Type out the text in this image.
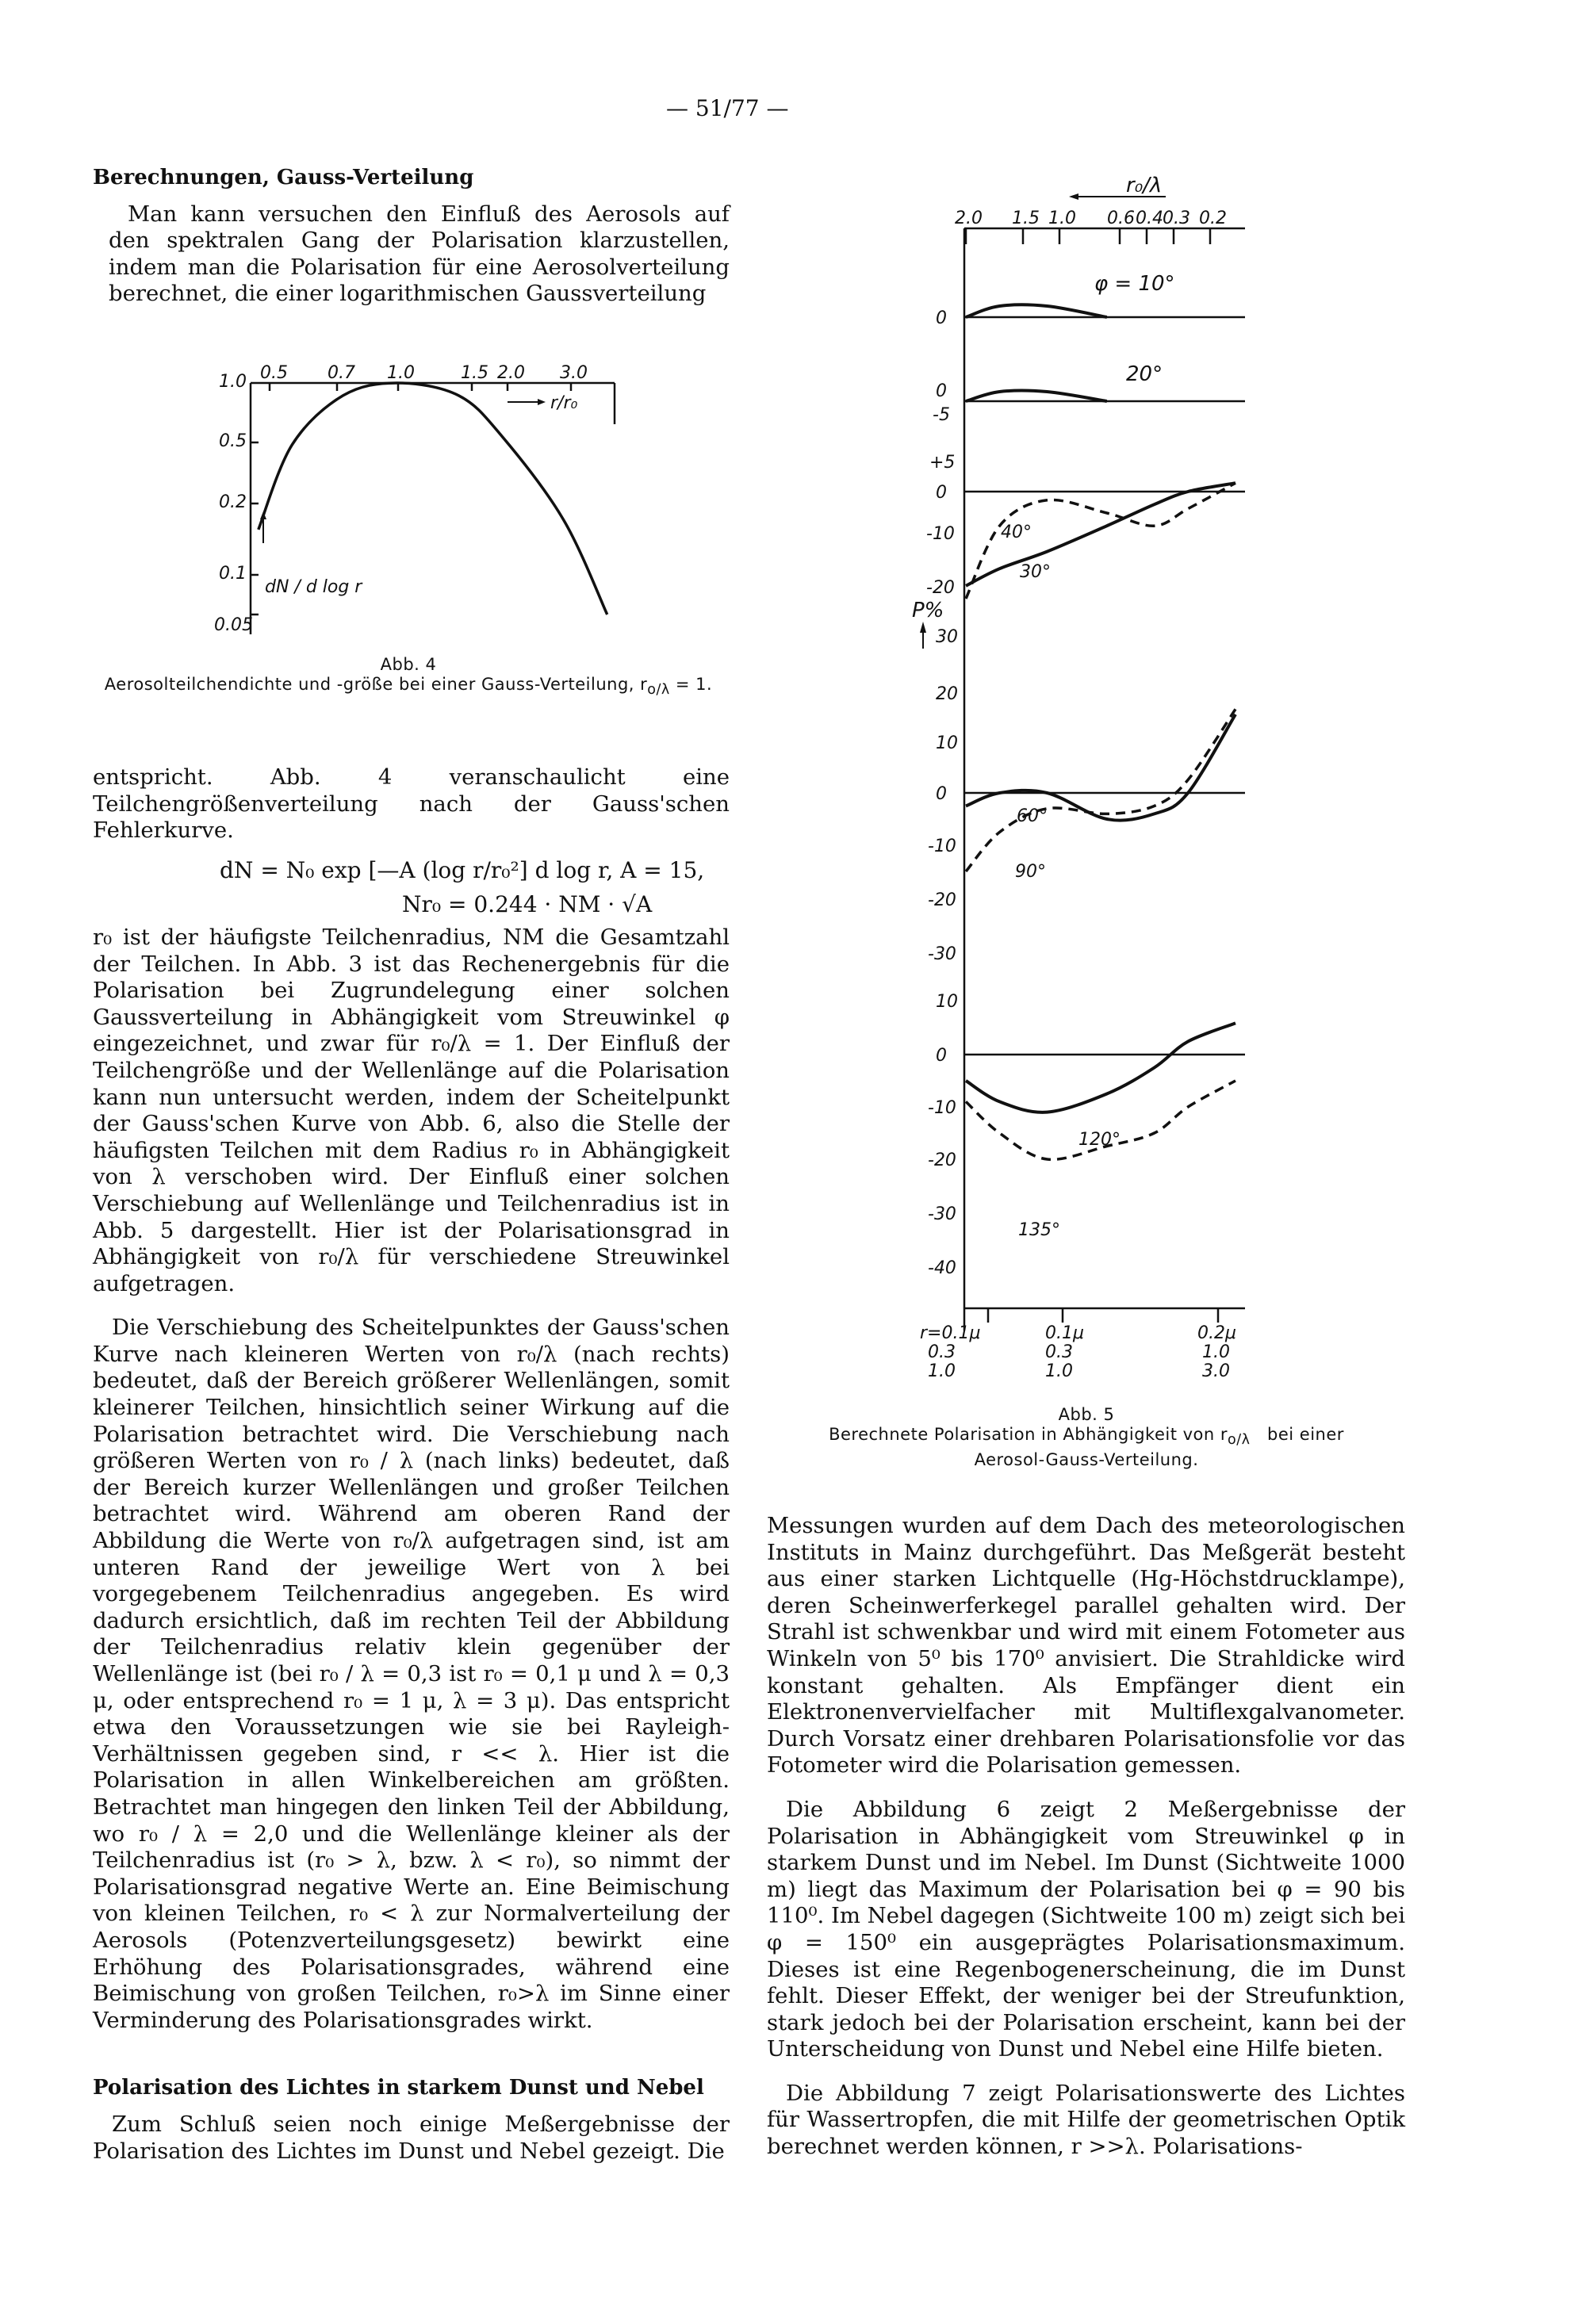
— 51/77 —

Berechnungen, Gauss-Verteilung

Man kann versuchen den Einfluß des Aerosols auf den spektralen Gang der Polarisation klarzustellen, indem man die Polarisation für eine Aerosolverteilung berechnet, die einer logarithmischen Gaussverteilung

1.0
0.5
0.2
0.1
0.05
0.5 0.7 1.0	1.5 2.0 3.0
r/r₀
dN / d log r
Abb. 4
Aerosolteilchendichte und -größe bei einer Gauss-Verteilung, $r_{o/\lambda} = 1$.

entspricht. Abb. 4 veranschaulicht eine Teilchengrößenverteilung nach der Gauss'schen Fehlerkurve.

dN = N₀ exp [—A (log r/r₀²] d log r, A = 15,

Nr₀ = 0.244 · NM · √A

r₀ ist der häufigste Teilchenradius, NM die Gesamtzahl der Teilchen. In Abb. 3 ist das Rechenergebnis für die Polarisation bei Zugrundelegung einer solchen Gaussverteilung in Abhängigkeit vom Streuwinkel φ eingezeichnet, und zwar für r₀/λ = 1. Der Einfluß der Teilchengröße und der Wellenlänge auf die Polarisation kann nun untersucht werden, indem der Scheitelpunkt der Gauss'schen Kurve von Abb. 6, also die Stelle der häufigsten Teilchen mit dem Radius r₀ in Abhängigkeit von λ verschoben wird. Der Einfluß einer solchen Verschiebung auf Wellenlänge und Teilchenradius ist in Abb. 5 dargestellt. Hier ist der Polarisationsgrad in Abhängigkeit von r₀/λ für verschiedene Streuwinkel aufgetragen.

Die Verschiebung des Scheitelpunktes der Gauss'schen Kurve nach kleineren Werten von r₀/λ (nach rechts) bedeutet, daß der Bereich größerer Wellenlängen, somit kleinerer Teilchen, hinsichtlich seiner Wirkung auf die Polarisation betrachtet wird. Die Verschiebung nach größeren Werten von r₀ / λ (nach links) bedeutet, daß der Bereich kurzer Wellenlängen und großer Teilchen betrachtet wird. Während am oberen Rand der Abbildung die Werte von r₀/λ aufgetragen sind, ist am unteren Rand der jeweilige Wert von λ bei vorgegebenem Teilchenradius angegeben. Es wird dadurch ersichtlich, daß im rechten Teil der Abbildung der Teilchenradius relativ klein gegenüber der Wellenlänge ist (bei r₀ / λ = 0,3 ist r₀ = 0,1 μ und λ = 0,3 μ, oder entsprechend r₀ = 1 μ, λ = 3 μ). Das entspricht etwa den Voraussetzungen wie sie bei Rayleigh-Verhältnissen gegeben sind, r << λ. Hier ist die Polarisation in allen Winkelbereichen am größten. Betrachtet man hingegen den linken Teil der Abbildung, wo r₀ / λ = 2,0 und die Wellenlänge kleiner als der Teilchenradius ist (r₀ > λ, bzw. λ < r₀), so nimmt der Polarisationsgrad negative Werte an. Eine Beimischung von kleinen Teilchen, r₀ < λ zur Normalverteilung der Aerosols (Potenzverteilungsgesetz) bewirkt eine Erhöhung des Polarisationsgrades, während eine Beimischung von großen Teilchen, r₀>λ im Sinne einer Verminderung des Polarisationsgrades wirkt.

Polarisation des Lichtes in starkem Dunst und Nebel

Zum Schluß seien noch einige Meßergebnisse der Polarisation des Lichtes im Dunst und Nebel gezeigt. Die

r₀/λ
2.0 1.5 1.0 0.6 0.4 0.3 0.2
φ = 10°
20°
40°
30°
60°
90°
120°
135°
0
0
-5
+5
0
-10
-20
P%
30
20
10
0
-10
-20
-30
10
0
-10
-20
-30
-40
r=0.1μ
0.3
1.0
0.1μ
0.3
1.0
0.2μ
1.0
3.0
Abb. 5
Berechnete Polarisation in Abhängigkeit von $r_{o/\lambda}$ bei einer
Aerosol-Gauss-Verteilung.

Messungen wurden auf dem Dach des meteorologischen Instituts in Mainz durchgeführt. Das Meßgerät besteht aus einer starken Lichtquelle (Hg-Höchstdrucklampe), deren Scheinwerferkegel parallel gehalten wird. Der Strahl ist schwenkbar und wird mit einem Fotometer aus Winkeln von 5⁰ bis 170⁰ anvisiert. Die Strahldicke wird konstant gehalten. Als Empfänger dient ein Elektronenvervielfacher mit Multiflexgalvanometer. Durch Vorsatz einer drehbaren Polarisationsfolie vor das Fotometer wird die Polarisation gemessen.

Die Abbildung 6 zeigt 2 Meßergebnisse der Polarisation in Abhängigkeit vom Streuwinkel φ in starkem Dunst und im Nebel. Im Dunst (Sichtweite 1000 m) liegt das Maximum der Polarisation bei φ = 90 bis 110⁰. Im Nebel dagegen (Sichtweite 100 m) zeigt sich bei φ = 150⁰ ein ausgeprägtes Polarisationsmaximum. Dieses ist eine Regenbogenerscheinung, die im Dunst fehlt. Dieser Effekt, der weniger bei der Streufunktion, stark jedoch bei der Polarisation erscheint, kann bei der Unterscheidung von Dunst und Nebel eine Hilfe bieten.

Die Abbildung 7 zeigt Polarisationswerte des Lichtes für Wassertropfen, die mit Hilfe der geometrischen Optik berechnet werden können, r >>λ. Polarisations-
